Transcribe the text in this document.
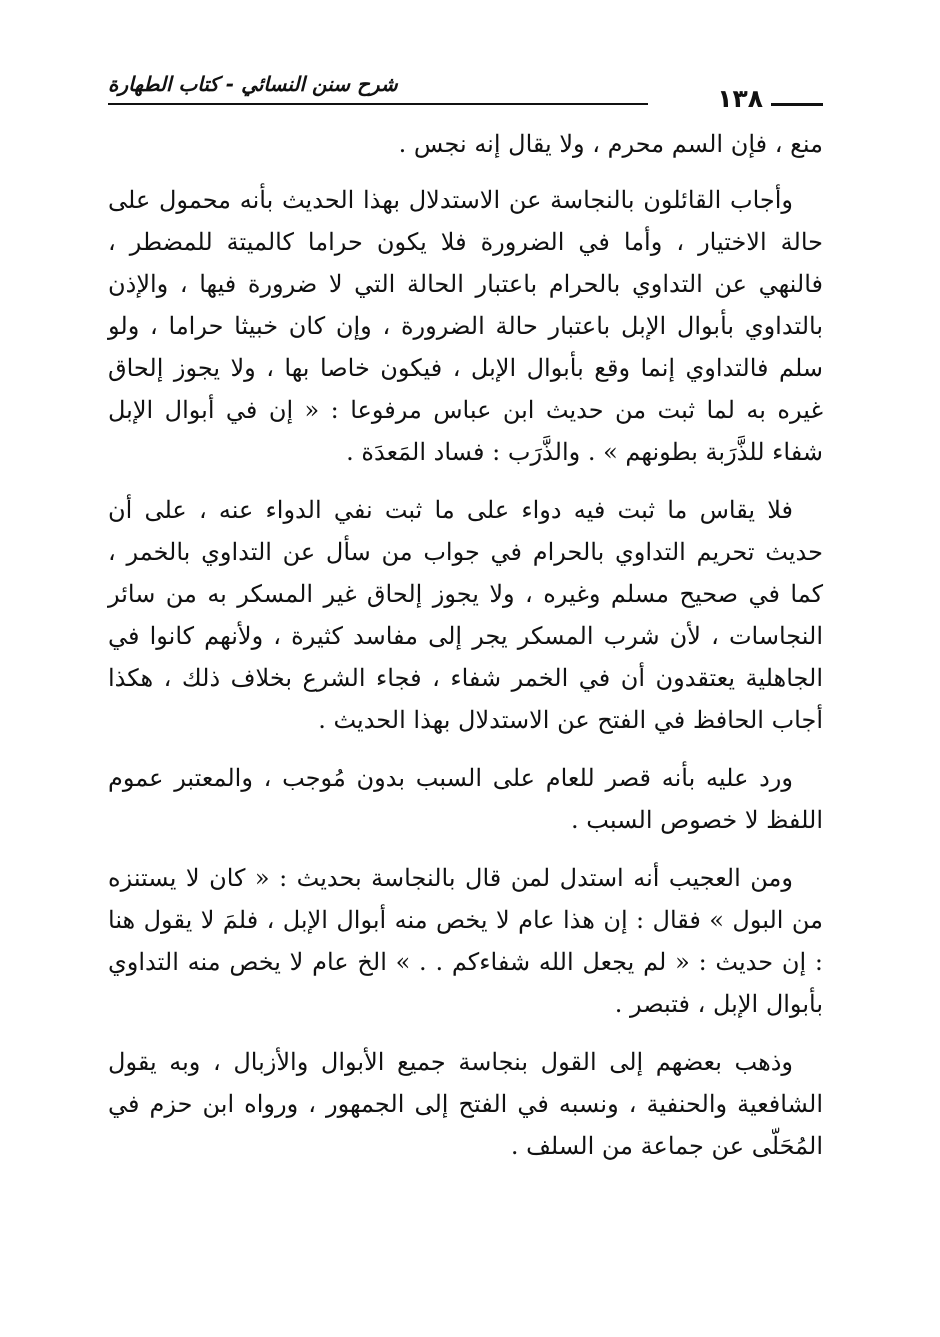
شرح سنن النسائي - كتاب الطهارة	١٣٨

منع ، فإن السم محرم ، ولا يقال إنه نجس .

وأجاب القائلون بالنجاسة عن الاستدلال بهذا الحديث بأنه محمول على حالة الاختيار ، وأما في الضرورة فلا يكون حراما كالميتة للمضطر ، فالنهي عن التداوي بالحرام باعتبار الحالة التي لا ضرورة فيها ، والإذن بالتداوي بأبوال الإبل باعتبار حالة الضرورة ، وإن كان خبيثا حراما ، ولو سلم فالتداوي إنما وقع بأبوال الإبل ، فيكون خاصا بها ، ولا يجوز إلحاق غيره به لما ثبت من حديث ابن عباس مرفوعا : « إن في أبوال الإبل شفاء للذَّرَبة بطونهم » . والذَّرَب : فساد المَعدَة .

فلا يقاس ما ثبت فيه دواء على ما ثبت نفي الدواء عنه ، على أن حديث تحريم التداوي بالحرام في جواب من سأل عن التداوي بالخمر ، كما في صحيح مسلم وغيره ، ولا يجوز إلحاق غير المسكر به من سائر النجاسات ، لأن شرب المسكر يجر إلى مفاسد كثيرة ، ولأنهم كانوا في الجاهلية يعتقدون أن في الخمر شفاء ، فجاء الشرع بخلاف ذلك ، هكذا أجاب الحافظ في الفتح عن الاستدلال بهذا الحديث .

ورد عليه بأنه قصر للعام على السبب بدون مُوجب ، والمعتبر عموم اللفظ لا خصوص السبب .

ومن العجيب أنه استدل لمن قال بالنجاسة بحديث : « كان لا يستنزه من البول » فقال : إن هذا عام لا يخص منه أبوال الإبل ، فلمَ لا يقول هنا : إن حديث : « لم يجعل الله شفاءكم . . » الخ عام لا يخص منه التداوي بأبوال الإبل ، فتبصر .

وذهب بعضهم إلى القول بنجاسة جميع الأبوال والأزبال ، وبه يقول الشافعية والحنفية ، ونسبه في الفتح إلى الجمهور ، ورواه ابن حزم في المُحَلّى عن جماعة من السلف .
